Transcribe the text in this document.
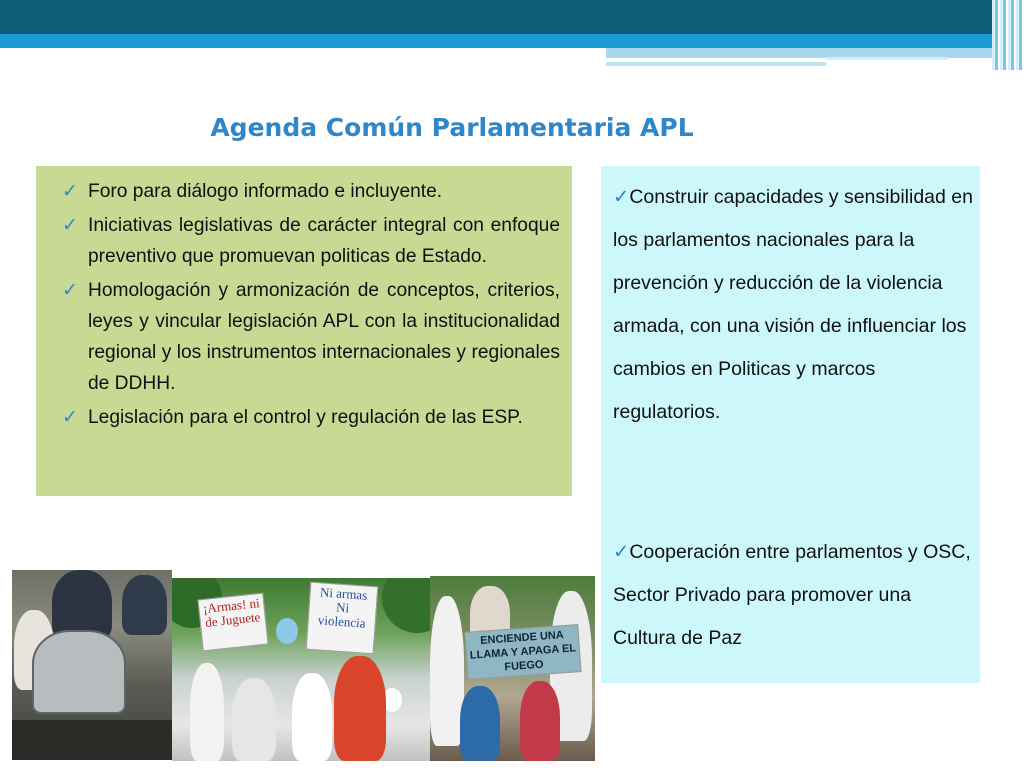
Agenda Común Parlamentaria APL
✓ Foro para diálogo informado e incluyente.
✓ Iniciativas legislativas de carácter integral con enfoque preventivo que promuevan politicas de Estado.
✓ Homologación y armonización de conceptos, criterios, leyes y vincular legislación APL con la institucionalidad regional y los instrumentos internacionales y regionales de DDHH.
✓ Legislación para el control y regulación de las ESP.
✓Construir capacidades y sensibilidad en los parlamentos nacionales para la prevención y reducción de la violencia armada, con una visión de influenciar los cambios en Politicas y marcos regulatorios.
✓Cooperación entre parlamentos y OSC, Sector Privado para promover una Cultura de Paz
¡Armas! ni de Juguete
Ni armas Ni violencia
ENCIENDE UNA LLAMA Y APAGA EL FUEGO
